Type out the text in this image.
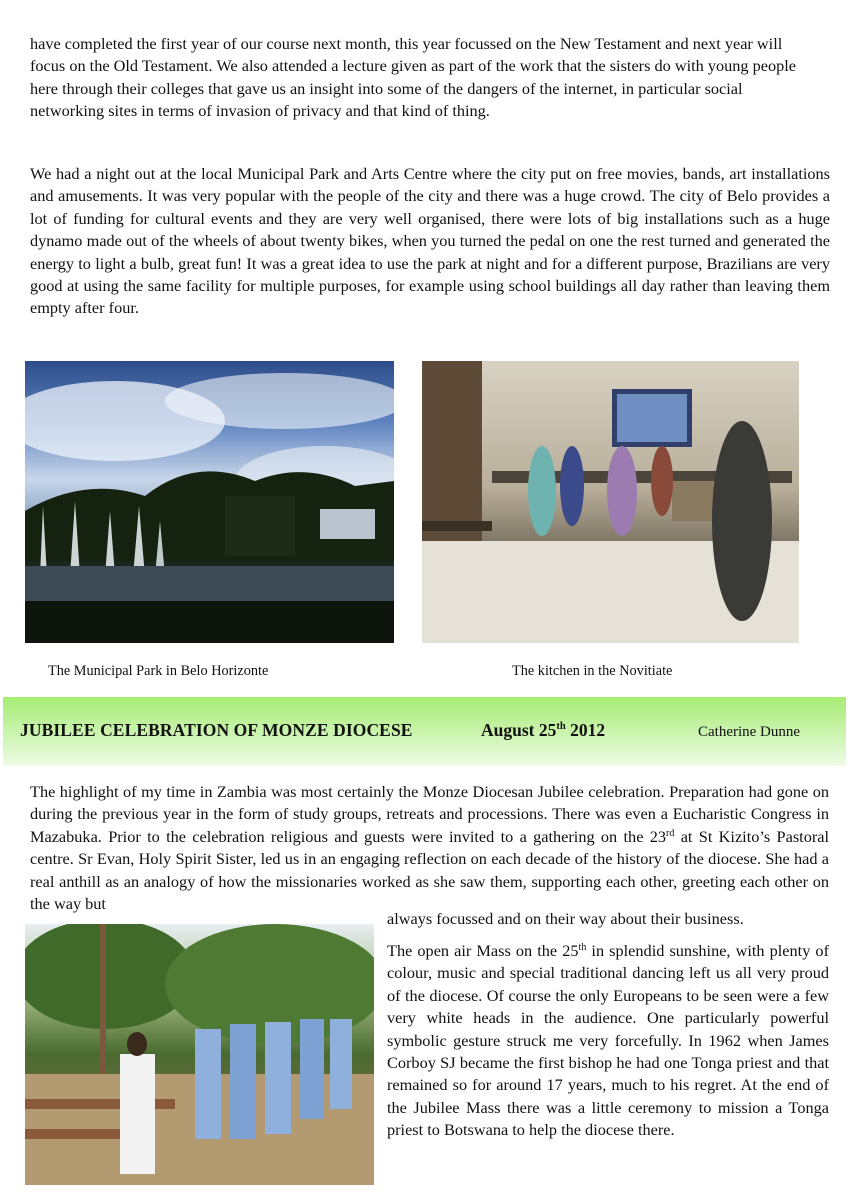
have completed the first year of our course next month, this year focussed on the New Testament and next year will focus on the Old Testament. We also attended a lecture given as part of the work that the sisters do with young people here through their colleges that gave us an insight into some of the dangers of the internet, in particular social networking sites in terms of invasion of privacy and that kind of thing.

We had a night out at the local Municipal Park and Arts Centre where the city put on free movies, bands, art installations and amusements. It was very popular with the people of the city and there was a huge crowd. The city of Belo provides a lot of funding for cultural events and they are very well organised, there were lots of big installations such as a huge dynamo made out of the wheels of about twenty bikes, when you turned the pedal on one the rest turned and generated the energy to light a bulb, great fun! It was a great idea to use the park at night and for a different purpose, Brazilians are very good at using the same facility for multiple purposes, for example using school buildings all day rather than leaving them empty after four.

The Municipal Park in Belo Horizonte	The kitchen in the Novitiate

JUBILEE CELEBRATION OF MONZE DIOCESE	August 25th 2012	Catherine Dunne

The highlight of my time in Zambia was most certainly the Monze Diocesan Jubilee celebration. Preparation had gone on during the previous year in the form of study groups, retreats and processions. There was even a Eucharistic Congress in Mazabuka. Prior to the celebration religious and guests were invited to a gathering on the 23rd at St Kizito’s Pastoral centre. Sr Evan, Holy Spirit Sister, led us in an engaging reflection on each decade of the history of the diocese. She had a real anthill as an analogy of how the missionaries worked as she saw them, supporting each other, greeting each other on the way but

always focussed and on their way about their business.

The open air Mass on the 25th in splendid sunshine, with plenty of colour, music and special traditional dancing left us all very proud of the diocese. Of course the only Europeans to be seen were a few very white heads in the audience. One particularly powerful symbolic gesture struck me very forcefully. In 1962 when James Corboy SJ became the first bishop he had one Tonga priest and that remained so for around 17 years, much to his regret. At the end of the Jubilee Mass there was a little ceremony to mission a Tonga priest to Botswana to help the diocese there.
